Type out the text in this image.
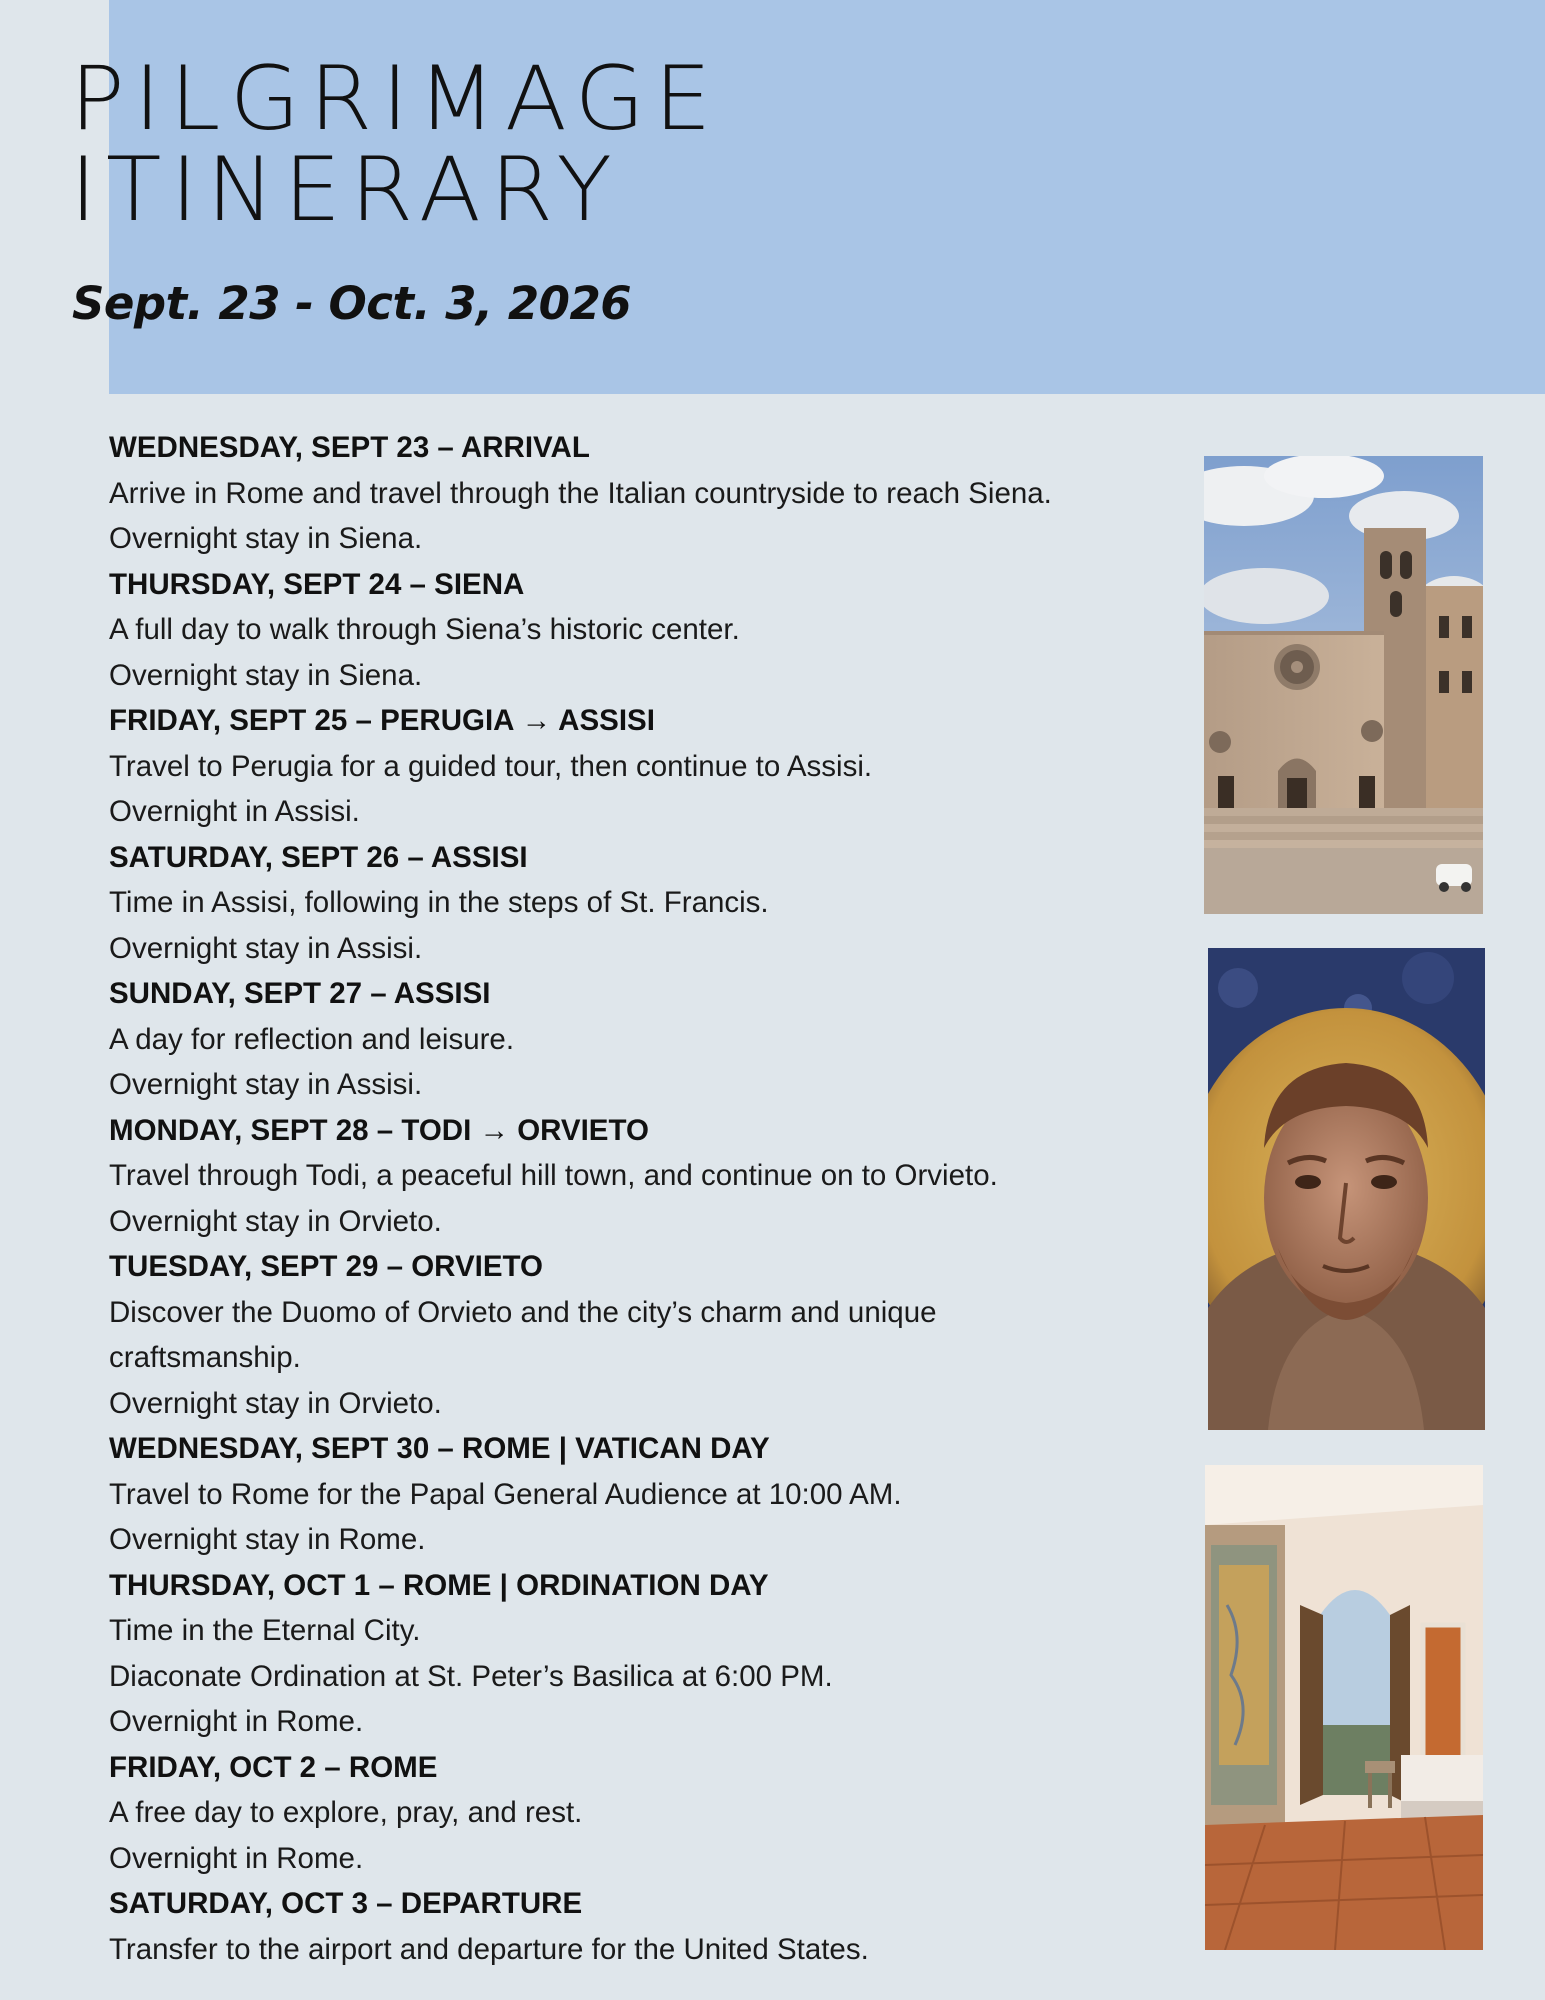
PILGRIMAGE
ITINERARY
Sept. 23 - Oct. 3, 2026
WEDNESDAY, SEPT 23 – ARRIVAL

Arrive in Rome and travel through the Italian countryside to reach Siena.

Overnight stay in Siena.

THURSDAY, SEPT 24 – SIENA

A full day to walk through Siena’s historic center.

Overnight stay in Siena.

FRIDAY, SEPT 25 – PERUGIA → ASSISI

Travel to Perugia for a guided tour, then continue to Assisi.

Overnight in Assisi.

SATURDAY, SEPT 26 – ASSISI

Time in Assisi, following in the steps of St. Francis.

Overnight stay in Assisi.

SUNDAY, SEPT 27 – ASSISI

A day for reflection and leisure.

Overnight stay in Assisi.

MONDAY, SEPT 28 – TODI → ORVIETO

Travel through Todi, a peaceful hill town, and continue on to Orvieto.

Overnight stay in Orvieto.

TUESDAY, SEPT 29 – ORVIETO

Discover the Duomo of Orvieto and the city’s charm and unique

craftsmanship.

Overnight stay in Orvieto.

WEDNESDAY, SEPT 30 – ROME | VATICAN DAY

Travel to Rome for the Papal General Audience at 10:00 AM.

Overnight stay in Rome.

THURSDAY, OCT 1 – ROME | ORDINATION DAY

Time in the Eternal City.

Diaconate Ordination at St. Peter’s Basilica at 6:00 PM.

Overnight in Rome.

FRIDAY, OCT 2 – ROME

A free day to explore, pray, and rest.

Overnight in Rome.

SATURDAY, OCT 3 – DEPARTURE

Transfer to the airport and departure for the United States.
